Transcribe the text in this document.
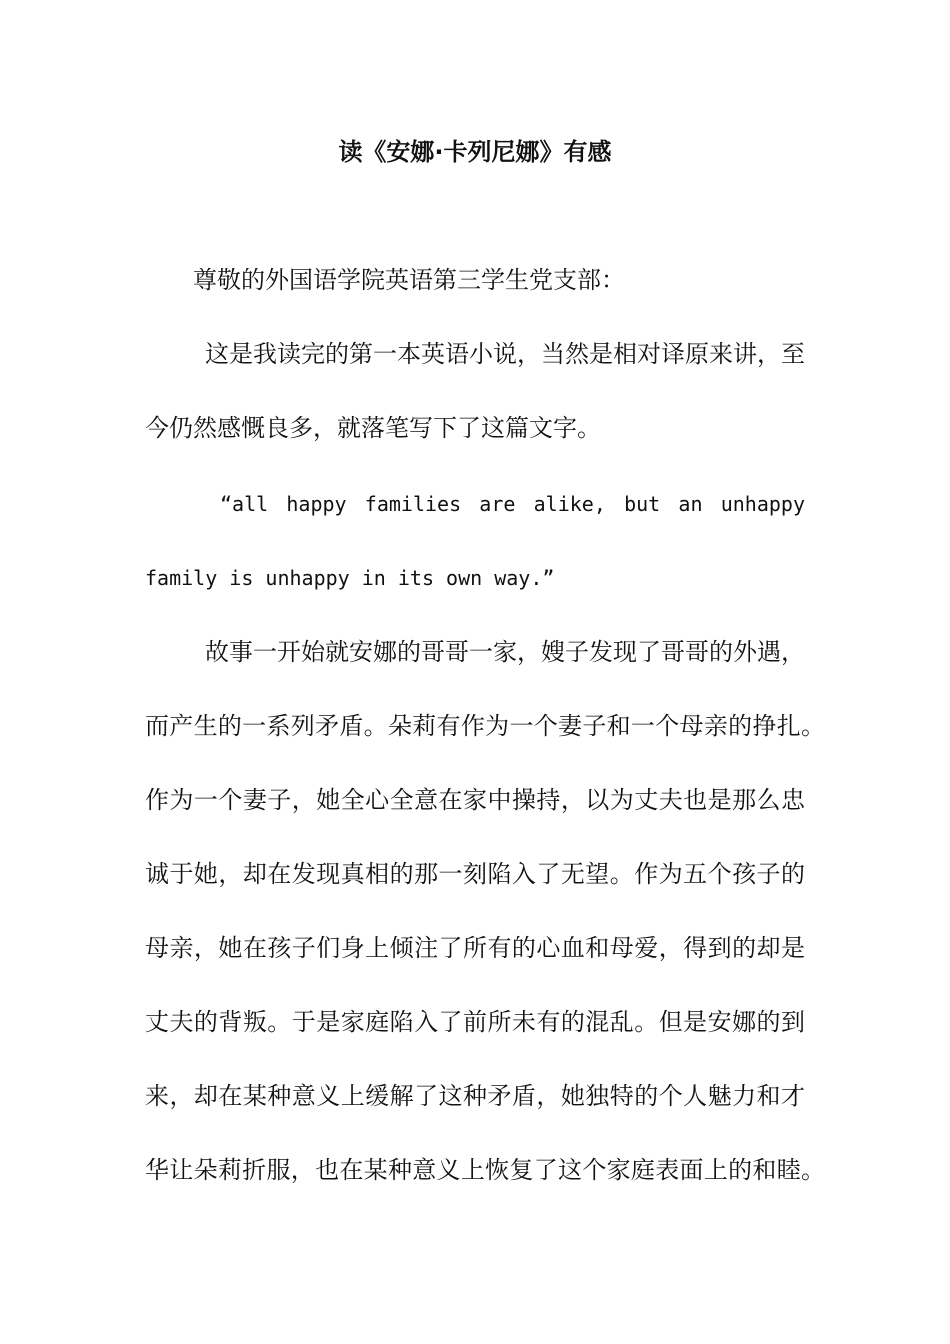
读《安娜·卡列尼娜》有感
尊敬的外国语学院英语第三学生党支部：
这是我读完的第一本英语小说，当然是相对译原来讲，至
今仍然感慨良多，就落笔写下了这篇文字。
“all happy families are alike, but an unhappy
family is unhappy in its own way.”
故事一开始就安娜的哥哥一家，嫂子发现了哥哥的外遇，
而产生的一系列矛盾。朵莉有作为一个妻子和一个母亲的挣扎。
作为一个妻子，她全心全意在家中操持，以为丈夫也是那么忠
诚于她，却在发现真相的那一刻陷入了无望。作为五个孩子的
母亲，她在孩子们身上倾注了所有的心血和母爱，得到的却是
丈夫的背叛。于是家庭陷入了前所未有的混乱。但是安娜的到
来，却在某种意义上缓解了这种矛盾，她独特的个人魅力和才
华让朵莉折服，也在某种意义上恢复了这个家庭表面上的和睦。
